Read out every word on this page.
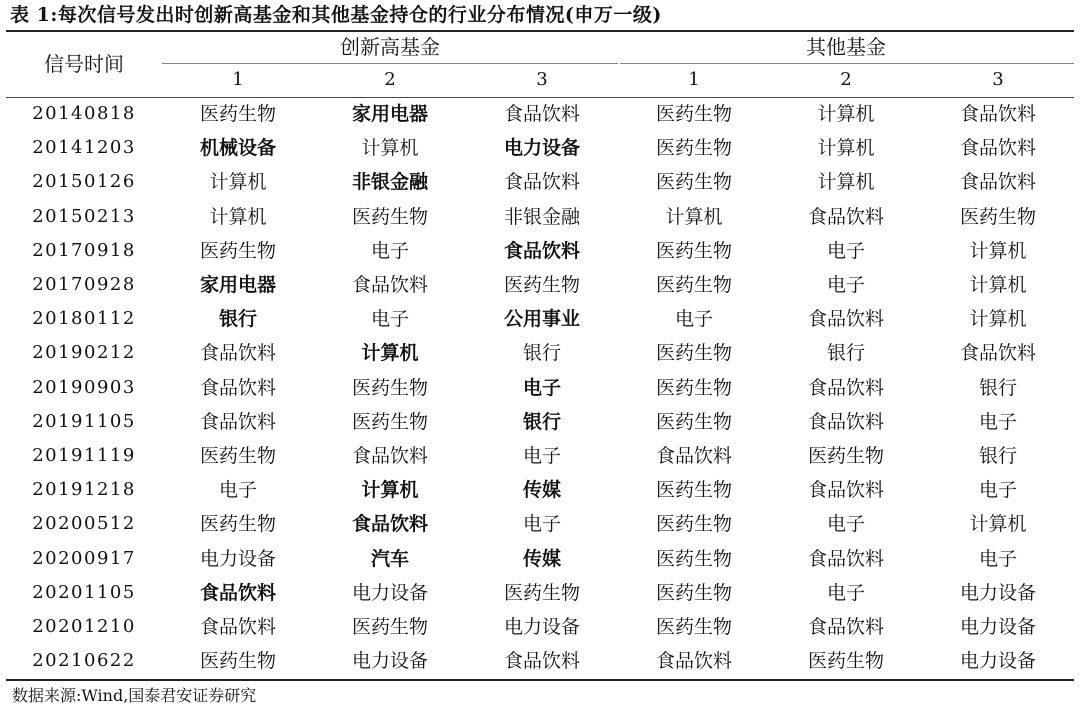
表 1:每次信号发出时创新高基金和其他基金持仓的行业分布情况(申万一级)
信号时间	创新高基金			其他基金		
	1	2	3	1	2	3
20140818	医药生物	家用电器	食品饮料	医药生物	计算机	食品饮料
20141203	机械设备	计算机	电力设备	医药生物	计算机	食品饮料
20150126	计算机	非银金融	食品饮料	医药生物	计算机	食品饮料
20150213	计算机	医药生物	非银金融	计算机	食品饮料	医药生物
20170918	医药生物	电子	食品饮料	医药生物	电子	计算机
20170928	家用电器	食品饮料	医药生物	医药生物	电子	计算机
20180112	银行	电子	公用事业	电子	食品饮料	计算机
20190212	食品饮料	计算机	银行	医药生物	银行	食品饮料
20190903	食品饮料	医药生物	电子	医药生物	食品饮料	银行
20191105	食品饮料	医药生物	银行	医药生物	食品饮料	电子
20191119	医药生物	食品饮料	电子	食品饮料	医药生物	银行
20191218	电子	计算机	传媒	医药生物	食品饮料	电子
20200512	医药生物	食品饮料	电子	医药生物	电子	计算机
20200917	电力设备	汽车	传媒	医药生物	食品饮料	电子
20201105	食品饮料	电力设备	医药生物	医药生物	电子	电力设备
20201210	食品饮料	医药生物	电力设备	医药生物	食品饮料	电力设备
20210622	医药生物	电力设备	食品饮料	食品饮料	医药生物	电力设备
数据来源:Wind,国泰君安证券研究
